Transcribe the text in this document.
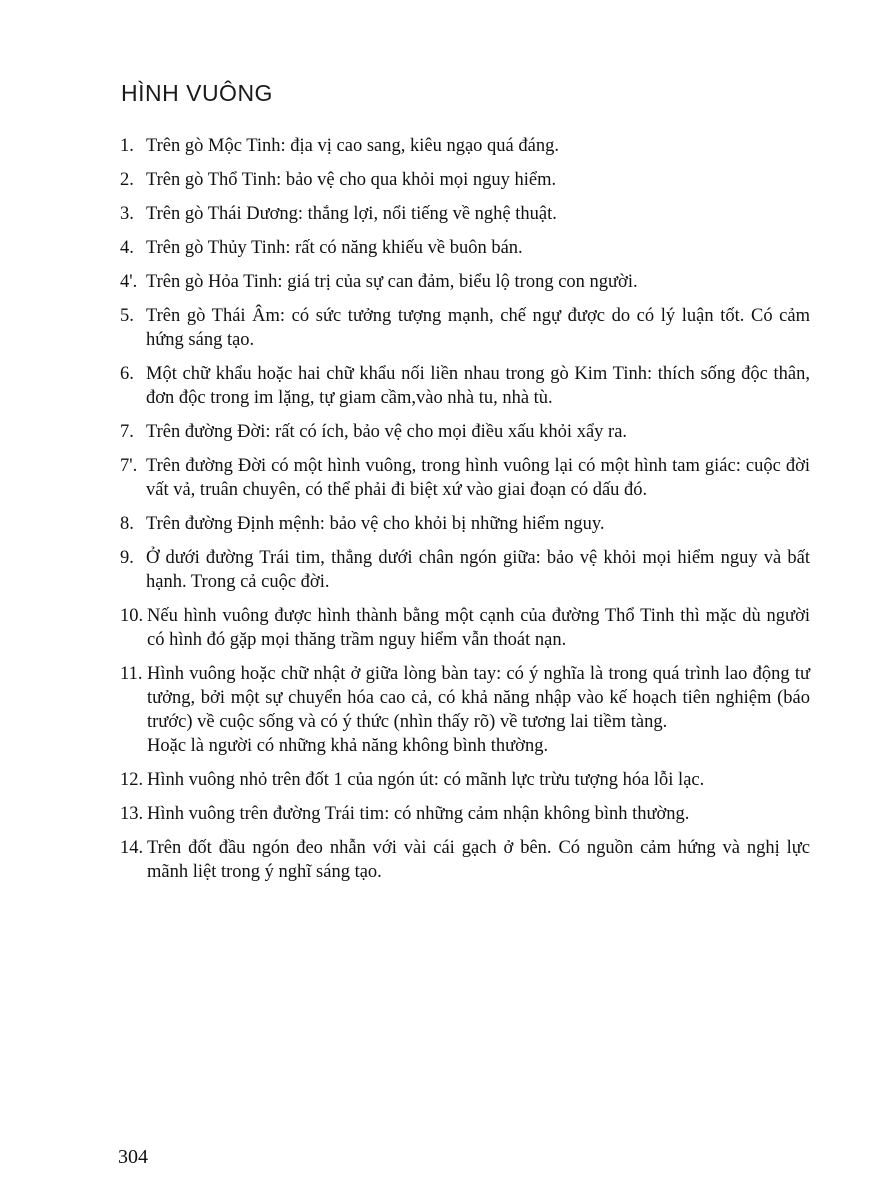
HÌNH VUÔNG
1. Trên gò Mộc Tinh: địa vị cao sang, kiêu ngạo quá đáng.
2. Trên gò Thổ Tinh: bảo vệ cho qua khỏi mọi nguy hiểm.
3. Trên gò Thái Dương: thắng lợi, nổi tiếng về nghệ thuật.
4. Trên gò Thủy Tinh: rất có năng khiếu về buôn bán.
4'. Trên gò Hỏa Tinh: giá trị của sự can đảm, biểu lộ trong con người.
5. Trên gò Thái Âm: có sức tưởng tượng mạnh, chế ngự được do có lý luận tốt. Có cảm hứng sáng tạo.
6. Một chữ khẩu hoặc hai chữ khẩu nối liền nhau trong gò Kim Tinh: thích sống độc thân, đơn độc trong im lặng, tự giam cầm,vào nhà tu, nhà tù.
7. Trên đường Đời: rất có ích, bảo vệ cho mọi điều xấu khỏi xẩy ra.
7'. Trên đường Đời có một hình vuông, trong hình vuông lại có một hình tam giác: cuộc đời vất vả, truân chuyên, có thể phải đi biệt xứ vào giai đoạn có dấu đó.
8. Trên đường Định mệnh: bảo vệ cho khỏi bị những hiểm nguy.
9. Ở dưới đường Trái tim, thẳng dưới chân ngón giữa: bảo vệ khỏi mọi hiểm nguy và bất hạnh. Trong cả cuộc đời.
10. Nếu hình vuông được hình thành bằng một cạnh của đường Thổ Tinh thì mặc dù người có hình đó gặp mọi thăng trầm nguy hiểm vẫn thoát nạn.
11. Hình vuông hoặc chữ nhật ở giữa lòng bàn tay: có ý nghĩa là trong quá trình lao động tư tưởng, bởi một sự chuyển hóa cao cả, có khả năng nhập vào kế hoạch tiên nghiệm (báo trước) về cuộc sống và có ý thức (nhìn thấy rõ) về tương lai tiềm tàng.
Hoặc là người có những khả năng không bình thường.
12. Hình vuông nhỏ trên đốt 1 của ngón út: có mãnh lực trừu tượng hóa lỗi lạc.
13. Hình vuông trên đường Trái tim: có những cảm nhận không bình thường.
14. Trên đốt đầu ngón đeo nhẫn với vài cái gạch ở bên. Có nguồn cảm hứng và nghị lực mãnh liệt trong ý nghĩ sáng tạo.
304
